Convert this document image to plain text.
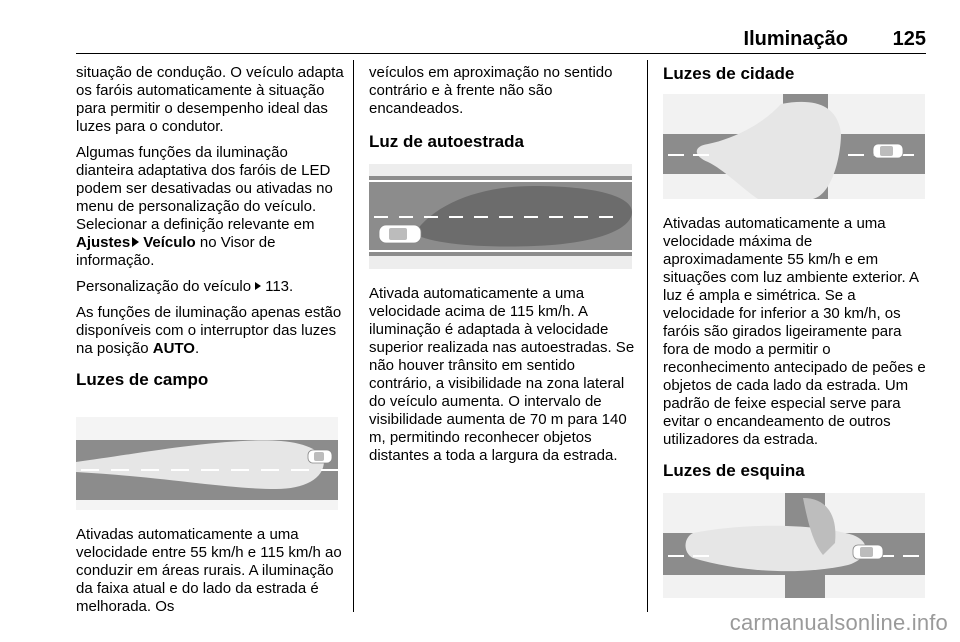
Iluminação 125

situação de condução. O veículo adapta os faróis automaticamente à situação para permitir o desempenho ideal das luzes para o condutor.

Algumas funções da iluminação dianteira adaptativa dos faróis de LED podem ser desativadas ou ativadas no menu de personalização do veículo. Selecionar a definição relevante em Ajustes Veículo no Visor de informação.

Personalização do veículo 113.

As funções de iluminação apenas estão disponíveis com o interruptor das luzes na posição AUTO.

Luzes de campo

Ativadas automaticamente a uma velocidade entre 55 km/h e 115 km/h ao conduzir em áreas rurais. A iluminação da faixa atual e do lado da estrada é melhorada. Os

veículos em aproximação no sentido contrário e à frente não são encandeados.

Luz de autoestrada

Ativada automaticamente a uma velocidade acima de 115 km/h. A iluminação é adaptada à velocidade superior realizada nas autoestradas. Se não houver trânsito em sentido contrário, a visibilidade na zona lateral do veículo aumenta. O intervalo de visibilidade aumenta de 70 m para 140 m, permitindo reconhecer objetos distantes a toda a largura da estrada.

Luzes de cidade

Ativadas automaticamente a uma velocidade máxima de aproximadamente 55 km/h e em situações com luz ambiente exterior. A luz é ampla e simétrica. Se a velocidade for inferior a 30 km/h, os faróis são girados ligeiramente para fora de modo a permitir o reconhecimento antecipado de peões e objetos de cada lado da estrada. Um padrão de feixe especial serve para evitar o encandeamento de outros utilizadores da estrada.

Luzes de esquina
carmanualsonline.info
